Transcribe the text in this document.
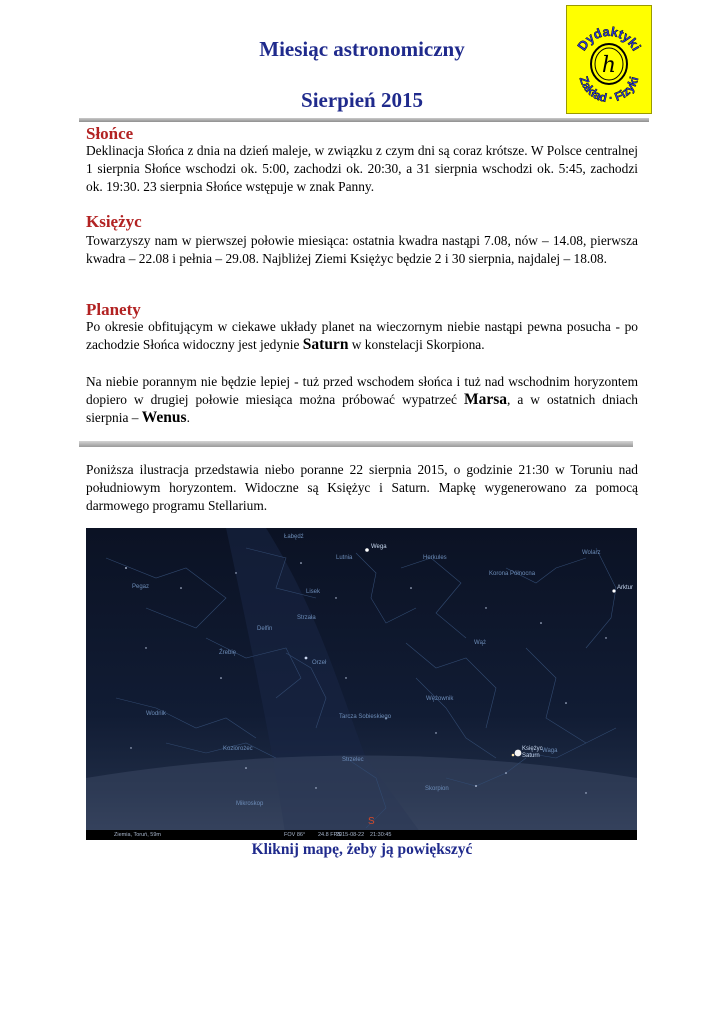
Miesiąc astronomiczny
Sierpień 2015
h
Dydaktyki
Zakład · Fizyki
Słońce
Deklinacja Słońca z dnia na dzień maleje, w związku z czym dni są coraz krótsze. W Polsce centralnej 1 sierpnia Słońce wschodzi ok. 5:00, zachodzi ok. 20:30, a 31 sierpnia wschodzi ok. 5:45, zachodzi ok. 19:30. 23 sierpnia Słońce wstępuje w znak Panny.
Księżyc
Towarzyszy nam w pierwszej połowie miesiąca: ostatnia kwadra nastąpi 7.08, nów – 14.08, pierwsza kwadra – 22.08 i pełnia – 29.08. Najbliżej Ziemi Księżyc będzie 2 i 30 sierpnia, najdalej – 18.08.
Planety
Po okresie obfitującym w ciekawe układy planet na wieczornym niebie nastąpi pewna posucha - po zachodzie Słońca widoczny jest jedynie Saturn w konstelacji Skorpiona.
Na niebie porannym nie będzie lepiej - tuż przed wschodem słońca i tuż nad wschodnim horyzontem dopiero w drugiej połowie miesiąca można próbować wypatrzeć Marsa, a w ostatnich dniach sierpnia – Wenus.
Poniższa ilustracja przedstawia niebo poranne 22 sierpnia 2015, o godzinie 21:30 w Toruniu nad południowym horyzontem. Widoczne są Księżyc i Saturn. Mapkę wygenerowano za pomocą darmowego programu Stellarium.
Łabędź
Lutnia	Herkules
Korona Północna
Wolarz
Pegaz
Lisek
Strzała
Delfin
Źrebię
Orzeł
Wąż
Wężownik
Tarcza Sobieskiego
Wodnik
Koziorożec
Strzelec
Skorpion
Waga
Mikroskop
Wega
Arktur
Księżyc
Saturn
S
Ziemia, Toruń, 59m	FOV 86° 24.8 FPS
2015-08-22 21:30:45
Kliknij mapę, żeby ją powiększyć
